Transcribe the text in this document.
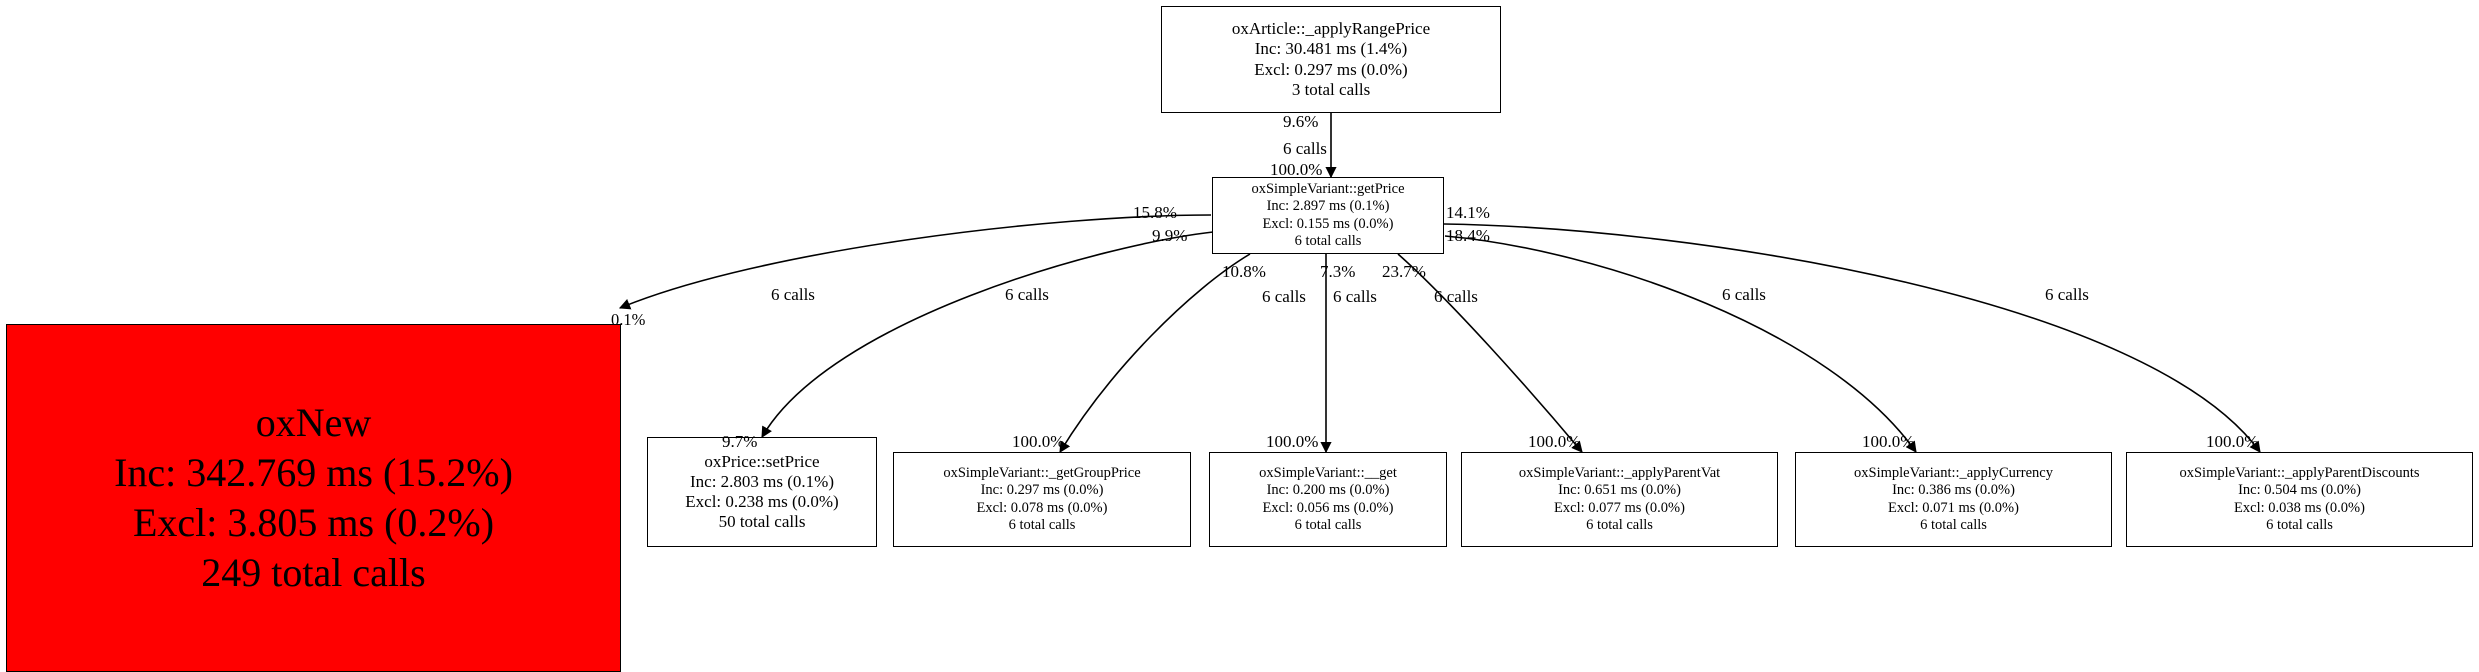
oxArticle::_applyRangePrice
Inc: 30.481 ms (1.4%)
Excl: 0.297 ms (0.0%)
3 total calls
oxSimpleVariant::getPrice
Inc: 2.897 ms (0.1%)
Excl: 0.155 ms (0.0%)
6 total calls
oxNew
Inc: 342.769 ms (15.2%)
Excl: 3.805 ms (0.2%)
249 total calls
oxPrice::setPrice
Inc: 2.803 ms (0.1%)
Excl: 0.238 ms (0.0%)
50 total calls
oxSimpleVariant::_getGroupPrice
Inc: 0.297 ms (0.0%)
Excl: 0.078 ms (0.0%)
6 total calls
oxSimpleVariant::__get
Inc: 0.200 ms (0.0%)
Excl: 0.056 ms (0.0%)
6 total calls
oxSimpleVariant::_applyParentVat
Inc: 0.651 ms (0.0%)
Excl: 0.077 ms (0.0%)
6 total calls
oxSimpleVariant::_applyCurrency
Inc: 0.386 ms (0.0%)
Excl: 0.071 ms (0.0%)
6 total calls
oxSimpleVariant::_applyParentDiscounts
Inc: 0.504 ms (0.0%)
Excl: 0.038 ms (0.0%)
6 total calls
9.6%
6 calls
100.0%
15.8%
9.9%
14.1%
18.4%
10.8%	7.3% 23.7%
0.1%
6 calls	6 calls	6 calls 6 calls	6 calls	6 calls	6 calls
9.7%	100.0%	100.0%	100.0%	100.0%	100.0%
